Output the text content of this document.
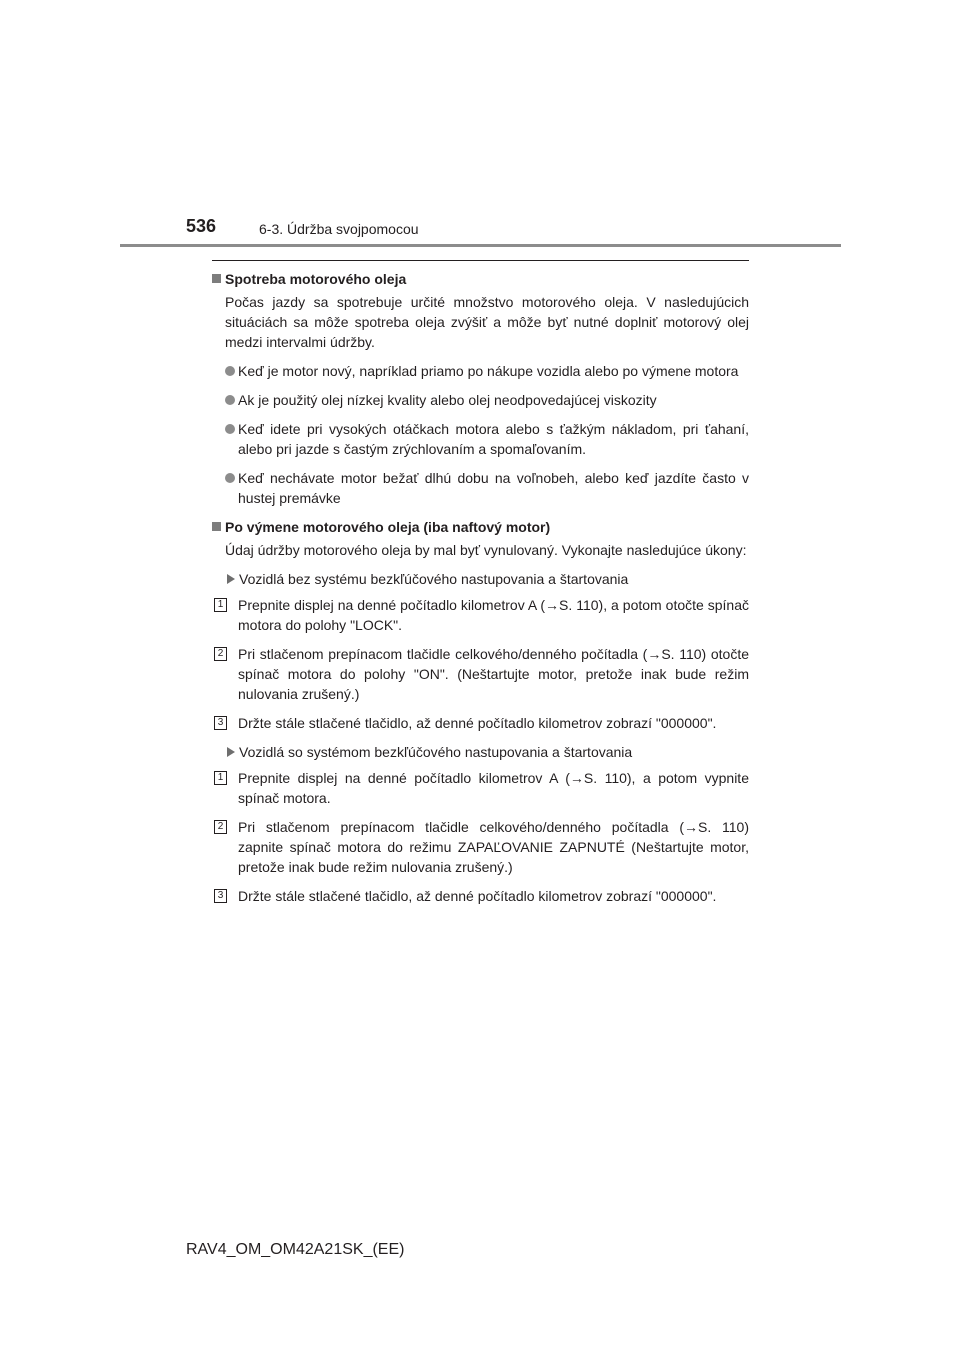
536	6-3. Údržba svojpomocou
Spotreba motorového oleja
Počas jazdy sa spotrebuje určité množstvo motorového oleja. V nasledujúcich situáciách sa môže spotreba oleja zvýšiť a môže byť nutné doplniť motorový olej medzi intervalmi údržby.
Keď je motor nový, napríklad priamo po nákupe vozidla alebo po výmene motora
Ak je použitý olej nízkej kvality alebo olej neodpovedajúcej viskozity
Keď idete pri vysokých otáčkach motora alebo s ťažkým nákladom, pri ťahaní, alebo pri jazde s častým zrýchlovaním a spomaľovaním.
Keď nechávate motor bežať dlhú dobu na voľnobeh, alebo keď jazdíte často v hustej premávke
Po výmene motorového oleja (iba naftový motor)
Údaj údržby motorového oleja by mal byť vynulovaný. Vykonajte nasledujúce úkony:
Vozidlá bez systému bezkľúčového nastupovania a štartovania
1 Prepnite displej na denné počítadlo kilometrov A (→S. 110), a potom otočte spínač motora do polohy "LOCK".
2 Pri stlačenom prepínacom tlačidle celkového/denného počítadla (→S. 110) otočte spínač motora do polohy "ON". (Neštartujte motor, pretože inak bude režim nulovania zrušený.)
3 Držte stále stlačené tlačidlo, až denné počítadlo kilometrov zobrazí "000000".
Vozidlá so systémom bezkľúčového nastupovania a štartovania
1 Prepnite displej na denné počítadlo kilometrov A (→S. 110), a potom vypnite spínač motora.
2 Pri stlačenom prepínacom tlačidle celkového/denného počítadla (→S. 110) zapnite spínač motora do režimu ZAPAĽOVANIE ZAPNUTÉ (Neštartujte motor, pretože inak bude režim nulovania zrušený.)
3 Držte stále stlačené tlačidlo, až denné počítadlo kilometrov zobrazí "000000".
RAV4_OM_OM42A21SK_(EE)
